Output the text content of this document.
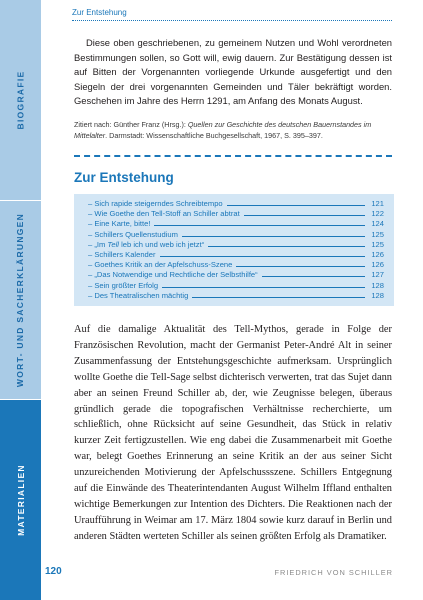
BIOGRAFIE
WORT- UND SACHERKLÄRUNGEN
MATERIALIEN
Zur Entstehung

Diese oben geschriebenen, zu gemeinem Nutzen und Wohl verordneten Bestimmungen sollen, so Gott will, ewig dauern. Zur Bestätigung dessen ist auf Bitten der Vorgenannten vorliegende Urkunde ausgefertigt und den Siegeln der drei vorgenannten Gemeinden und Täler bekräftigt worden. Geschehen im Jahre des Herrn 1291, am Anfang des Monats August.

Zitiert nach: Günther Franz (Hrsg.): Quellen zur Geschichte des deutschen Bauernstandes im Mittelalter. Darmstadt: Wissenschaftliche Buchgesellschaft, 1967, S. 395–397.
Zur Entstehung
– Sich rapide steigerndes Schreibtempo	121
– Wie Goethe den Tell-Stoff an Schiller abtrat	122
– Eine Karte, bitte!	124
– Schillers Quellenstudium	125
– „Im Tell leb ich und web ich jetzt“	125
– Schillers Kalender	126
– Goethes Kritik an der Apfelschuss-Szene	126
– „Das Notwendige und Rechtliche der Selbsthilfe“	127
– Sein größter Erfolg	128
– Des Theatralischen mächtig	128
Auf die damalige Aktualität des Tell-Mythos, gerade in Folge der Französischen Revolution, macht der Germanist Peter-André Alt in seiner Zusammenfassung der Entstehungsgeschichte aufmerksam. Ursprünglich wollte Goethe die Tell-Sage selbst dichterisch verwerten, trat das Sujet dann aber an seinen Freund Schiller ab, der, wie Zeugnisse belegen, überaus gründlich gerade die topografischen Verhältnisse recherchierte, um schließlich, ohne Rücksicht auf seine Gesundheit, das Stück in relativ kurzer Zeit fertigzustellen. Wie eng dabei die Zusammenarbeit mit Goethe war, belegt Goethes Erinnerung an seine Kritik an der aus seiner Sicht unzureichenden Motivierung der Apfelschussszene. Schillers Entgegnung auf die Einwände des Theaterintendanten August Wilhelm Iffland enthalten wichtige Bemerkungen zur Intention des Dichters. Die Reaktionen nach der Uraufführung in Weimar am 17. März 1804 sowie kurz darauf in Berlin und anderen Städten werteten Schiller als seinen größten Erfolg als Dramatiker.
120	FRIEDRICH VON SCHILLER
